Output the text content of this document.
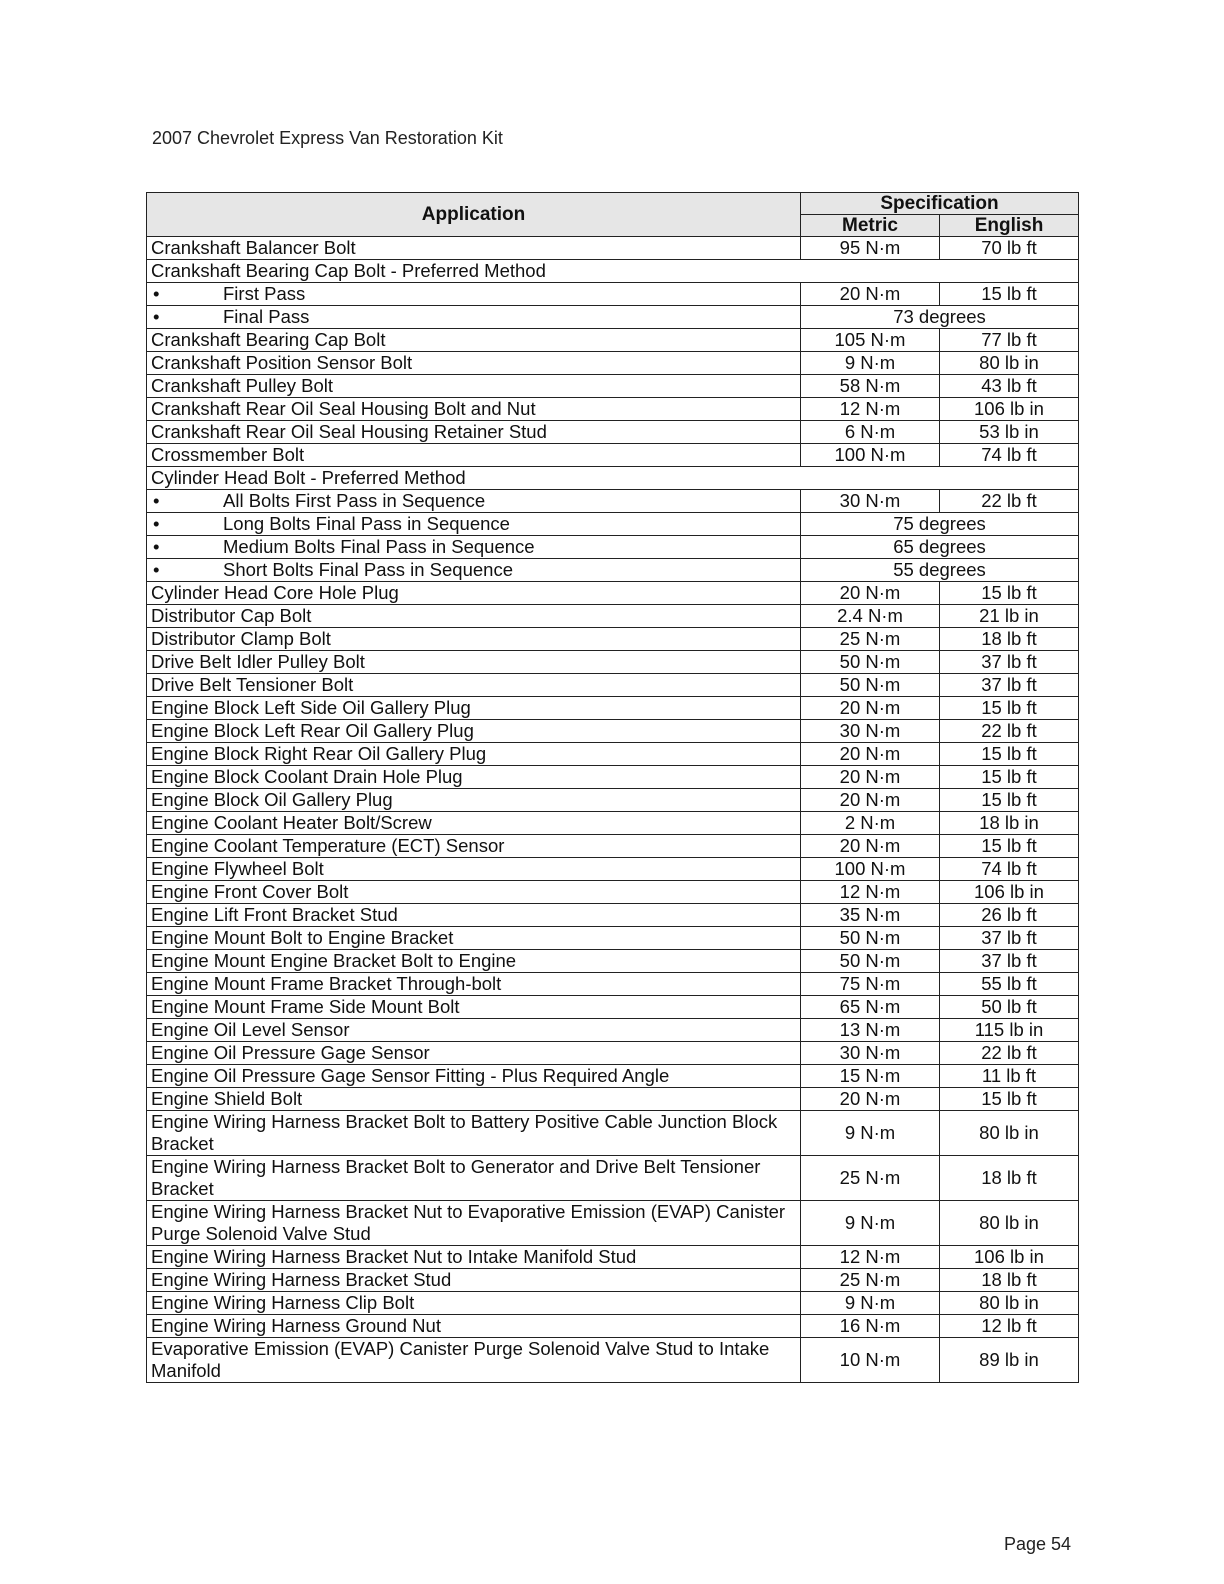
2007 Chevrolet Express Van Restoration Kit
Application	Specification	
	Metric	English
Crankshaft Balancer Bolt	95 N·m	70 lb ft
Crankshaft Bearing Cap Bolt - Preferred Method		
• First Pass	20 N·m	15 lb ft
• Final Pass	73 degrees	
Crankshaft Bearing Cap Bolt	105 N·m	77 lb ft
Crankshaft Position Sensor Bolt	9 N·m	80 lb in
Crankshaft Pulley Bolt	58 N·m	43 lb ft
Crankshaft Rear Oil Seal Housing Bolt and Nut	12 N·m	106 lb in
Crankshaft Rear Oil Seal Housing Retainer Stud	6 N·m	53 lb in
Crossmember Bolt	100 N·m	74 lb ft
Cylinder Head Bolt - Preferred Method		
• All Bolts First Pass in Sequence	30 N·m	22 lb ft
• Long Bolts Final Pass in Sequence	75 degrees	
• Medium Bolts Final Pass in Sequence	65 degrees	
• Short Bolts Final Pass in Sequence	55 degrees	
Cylinder Head Core Hole Plug	20 N·m	15 lb ft
Distributor Cap Bolt	2.4 N·m	21 lb in
Distributor Clamp Bolt	25 N·m	18 lb ft
Drive Belt Idler Pulley Bolt	50 N·m	37 lb ft
Drive Belt Tensioner Bolt	50 N·m	37 lb ft
Engine Block Left Side Oil Gallery Plug	20 N·m	15 lb ft
Engine Block Left Rear Oil Gallery Plug	30 N·m	22 lb ft
Engine Block Right Rear Oil Gallery Plug	20 N·m	15 lb ft
Engine Block Coolant Drain Hole Plug	20 N·m	15 lb ft
Engine Block Oil Gallery Plug	20 N·m	15 lb ft
Engine Coolant Heater Bolt/Screw	2 N·m	18 lb in
Engine Coolant Temperature (ECT) Sensor	20 N·m	15 lb ft
Engine Flywheel Bolt	100 N·m	74 lb ft
Engine Front Cover Bolt	12 N·m	106 lb in
Engine Lift Front Bracket Stud	35 N·m	26 lb ft
Engine Mount Bolt to Engine Bracket	50 N·m	37 lb ft
Engine Mount Engine Bracket Bolt to Engine	50 N·m	37 lb ft
Engine Mount Frame Bracket Through-bolt	75 N·m	55 lb ft
Engine Mount Frame Side Mount Bolt	65 N·m	50 lb ft
Engine Oil Level Sensor	13 N·m	115 lb in
Engine Oil Pressure Gage Sensor	30 N·m	22 lb ft
Engine Oil Pressure Gage Sensor Fitting - Plus Required Angle	15 N·m	11 lb ft
Engine Shield Bolt	20 N·m	15 lb ft
Engine Wiring Harness Bracket Bolt to Battery Positive Cable Junction Block Bracket	9 N·m	80 lb in
Engine Wiring Harness Bracket Bolt to Generator and Drive Belt Tensioner Bracket	25 N·m	18 lb ft
Engine Wiring Harness Bracket Nut to Evaporative Emission (EVAP) Canister Purge Solenoid Valve Stud	9 N·m	80 lb in
Engine Wiring Harness Bracket Nut to Intake Manifold Stud	12 N·m	106 lb in
Engine Wiring Harness Bracket Stud	25 N·m	18 lb ft
Engine Wiring Harness Clip Bolt	9 N·m	80 lb in
Engine Wiring Harness Ground Nut	16 N·m	12 lb ft
Evaporative Emission (EVAP) Canister Purge Solenoid Valve Stud to Intake Manifold	10 N·m	89 lb in
Page 54
